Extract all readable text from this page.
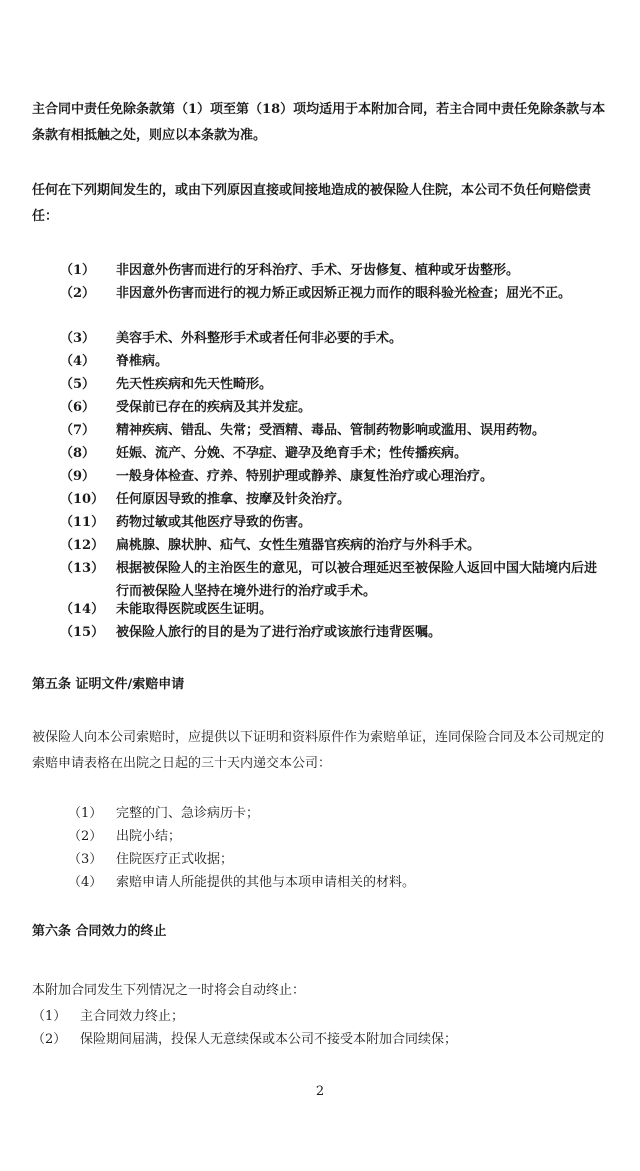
主合同中责任免除条款第（1）项至第（18）项均适用于本附加合同，若主合同中责任免除条款与本条款有相抵触之处，则应以本条款为准。
任何在下列期间发生的，或由下列原因直接或间接地造成的被保险人住院，本公司不负任何赔偿责任：
（1） 非因意外伤害而进行的牙科治疗、手术、牙齿修复、植种或牙齿整形。
（2） 非因意外伤害而进行的视力矫正或因矫正视力而作的眼科验光检查；屈光不正。
（3） 美容手术、外科整形手术或者任何非必要的手术。
（4） 脊椎病。
（5） 先天性疾病和先天性畸形。
（6） 受保前已存在的疾病及其并发症。
（7） 精神疾病、错乱、失常；受酒精、毒品、管制药物影响或滥用、误用药物。
（8） 妊娠、流产、分娩、不孕症、避孕及绝育手术；性传播疾病。
（9） 一般身体检查、疗养、特别护理或静养、康复性治疗或心理治疗。
（10） 任何原因导致的推拿、按摩及针灸治疗。
（11） 药物过敏或其他医疗导致的伤害。
（12） 扁桃腺、腺状肿、疝气、女性生殖器官疾病的治疗与外科手术。
（13） 根据被保险人的主治医生的意见，可以被合理延迟至被保险人返回中国大陆境内后进行而被保险人坚持在境外进行的治疗或手术。
（14） 未能取得医院或医生证明。
（15） 被保险人旅行的目的是为了进行治疗或该旅行违背医嘱。
第五条 证明文件/索赔申请
被保险人向本公司索赔时，应提供以下证明和资料原件作为索赔单证，连同保险合同及本公司规定的索赔申请表格在出院之日起的三十天内递交本公司：
（1） 完整的门、急诊病历卡；
（2） 出院小结；
（3） 住院医疗正式收据；
（4） 索赔申请人所能提供的其他与本项申请相关的材料。
第六条 合同效力的终止
本附加合同发生下列情况之一时将会自动终止：
（1） 主合同效力终止；
（2） 保险期间届满，投保人无意续保或本公司不接受本附加合同续保；
2
